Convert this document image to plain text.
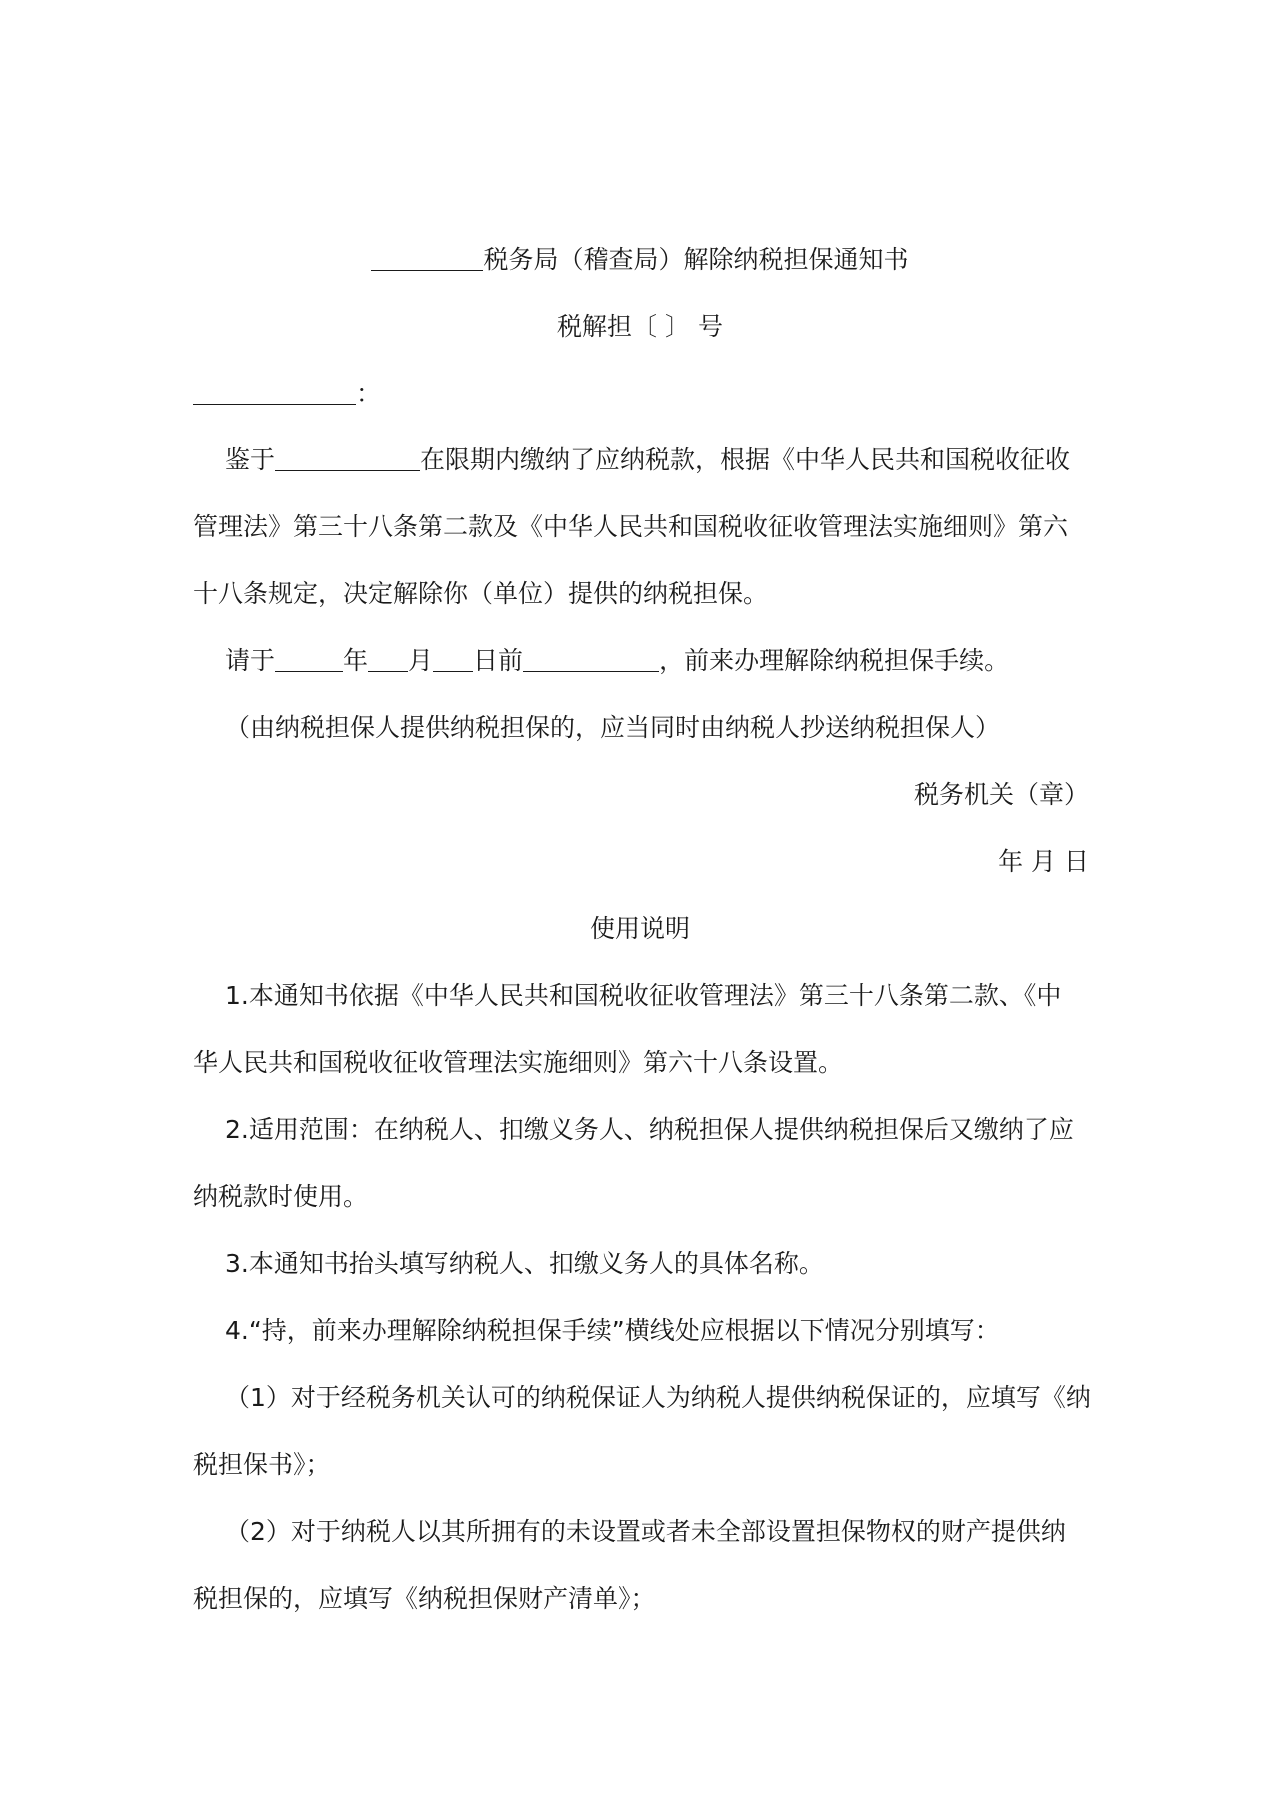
税务局（稽查局）解除纳税担保通知书
税解担〔 〕 号
：
鉴于	在限期内缴纳了应纳税款，根据《中华人民共和国税收征收
管理法》第三十八条第二款及《中华人民共和国税收征收管理法实施细则》第六
十八条规定，决定解除你（单位）提供的纳税担保。
请于	年 月 日前	，前来办理解除纳税担保手续。
（由纳税担保人提供纳税担保的，应当同时由纳税人抄送纳税担保人）
税务机关（章）
年 月 日
使用说明
1.本通知书依据《中华人民共和国税收征收管理法》第三十八条第二款、《中
华人民共和国税收征收管理法实施细则》第六十八条设置。
2.适用范围：在纳税人、扣缴义务人、纳税担保人提供纳税担保后又缴纳了应
纳税款时使用。
3.本通知书抬头填写纳税人、扣缴义务人的具体名称。
4.“持，前来办理解除纳税担保手续”横线处应根据以下情况分别填写：
（1）对于经税务机关认可的纳税保证人为纳税人提供纳税保证的，应填写《纳
税担保书》；
（2）对于纳税人以其所拥有的未设置或者未全部设置担保物权的财产提供纳
税担保的，应填写《纳税担保财产清单》；
